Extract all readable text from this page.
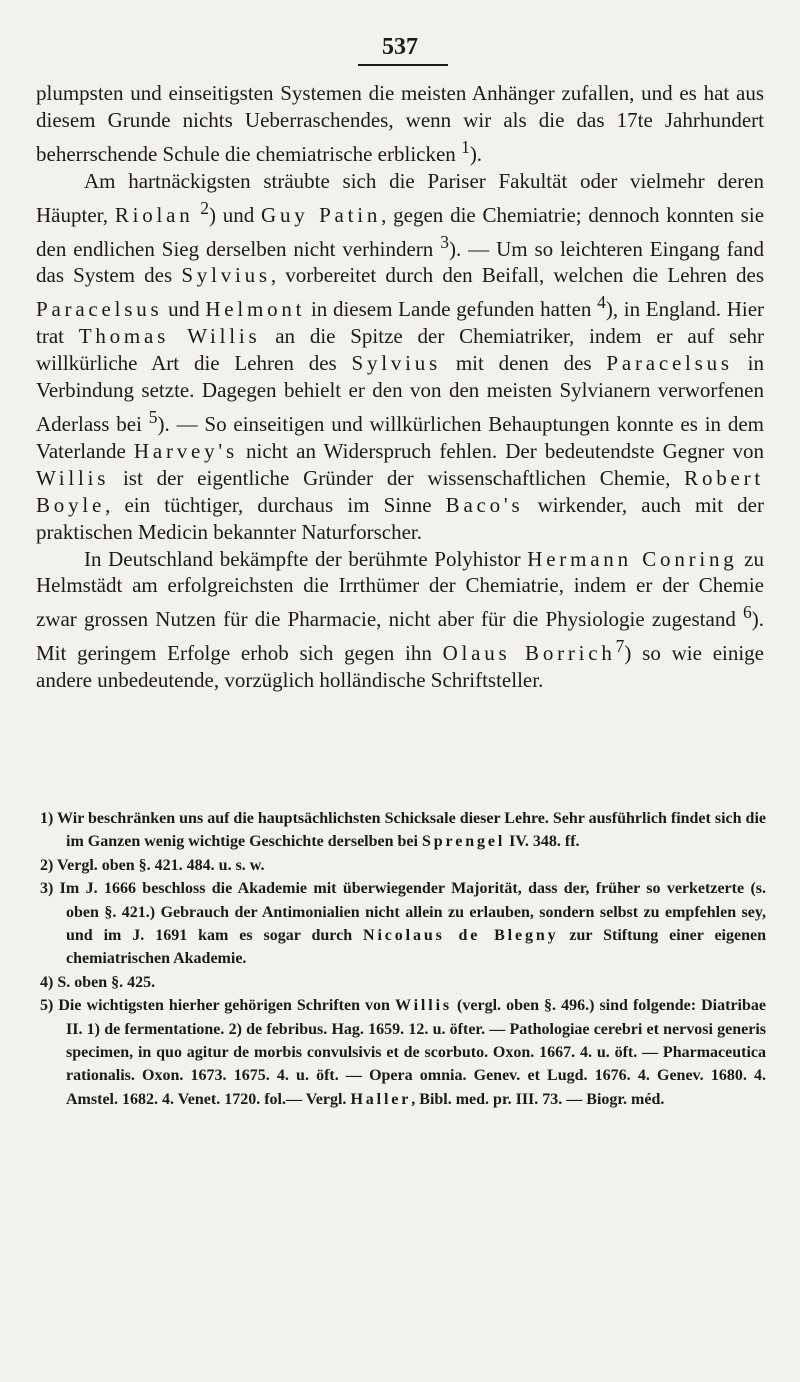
537

plumpsten und einseitigsten Systemen die meisten Anhänger zufallen, und es hat aus diesem Grunde nichts Ueberraschendes, wenn wir als die das 17te Jahrhundert beherrschende Schule die chemiatrische erblicken $^1$).

Am hartnäckigsten sträubte sich die Pariser Fakultät oder vielmehr deren Häupter, Riolan $^2$) und Guy Patin, gegen die Chemiatrie; dennoch konnten sie den endlichen Sieg derselben nicht verhindern $^3$). — Um so leichteren Eingang fand das System des Sylvius, vorbereitet durch den Beifall, welchen die Lehren des Paracelsus und Helmont in diesem Lande gefunden hatten $^4$), in England. Hier trat Thomas Willis an die Spitze der Chemiatriker, indem er auf sehr willkürliche Art die Lehren des Sylvius mit denen des Paracelsus in Verbindung setzte. Dagegen behielt er den von den meisten Sylvianern verworfenen Aderlass bei $^5$). — So einseitigen und willkürlichen Behauptungen konnte es in dem Vaterlande Harvey's nicht an Widerspruch fehlen. Der bedeutendste Gegner von Willis ist der eigentliche Gründer der wissenschaftlichen Chemie, Robert Boyle, ein tüchtiger, durchaus im Sinne Baco's wirkender, auch mit der praktischen Medicin bekannter Naturforscher.

In Deutschland bekämpfte der berühmte Polyhistor Hermann Conring zu Helmstädt am erfolgreichsten die Irrthümer der Chemiatrie, indem er der Chemie zwar grossen Nutzen für die Pharmacie, nicht aber für die Physiologie zugestand $^6$). Mit geringem Erfolge erhob sich gegen ihn Olaus Borrich$^7$) so wie einige andere unbedeutende, vorzüglich holländische Schriftsteller.

1) Wir beschränken uns auf die hauptsächlichsten Schicksale dieser Lehre. Sehr ausführlich findet sich die im Ganzen wenig wichtige Geschichte derselben bei Sprengel IV. 348. ff.

2) Vergl. oben §. 421. 484. u. s. w.

3) Im J. 1666 beschloss die Akademie mit überwiegender Majorität, dass der, früher so verketzerte (s. oben §. 421.) Gebrauch der Antimonialien nicht allein zu erlauben, sondern selbst zu empfehlen sey, und im J. 1691 kam es sogar durch Nicolaus de Blegny zur Stiftung einer eigenen chemiatrischen Akademie.

4) S. oben §. 425.

5) Die wichtigsten hierher gehörigen Schriften von Willis (vergl. oben §. 496.) sind folgende: Diatribae II. 1) de fermentatione. 2) de febribus. Hag. 1659. 12. u. öfter. — Pathologiae cerebri et nervosi generis specimen, in quo agitur de morbis convulsivis et de scorbuto. Oxon. 1667. 4. u. öft. — Pharmaceutica rationalis. Oxon. 1673. 1675. 4. u. öft. — Opera omnia. Genev. et Lugd. 1676. 4. Genev. 1680. 4. Amstel. 1682. 4. Venet. 1720. fol.— Vergl. Haller, Bibl. med. pr. III. 73. — Biogr. méd.
